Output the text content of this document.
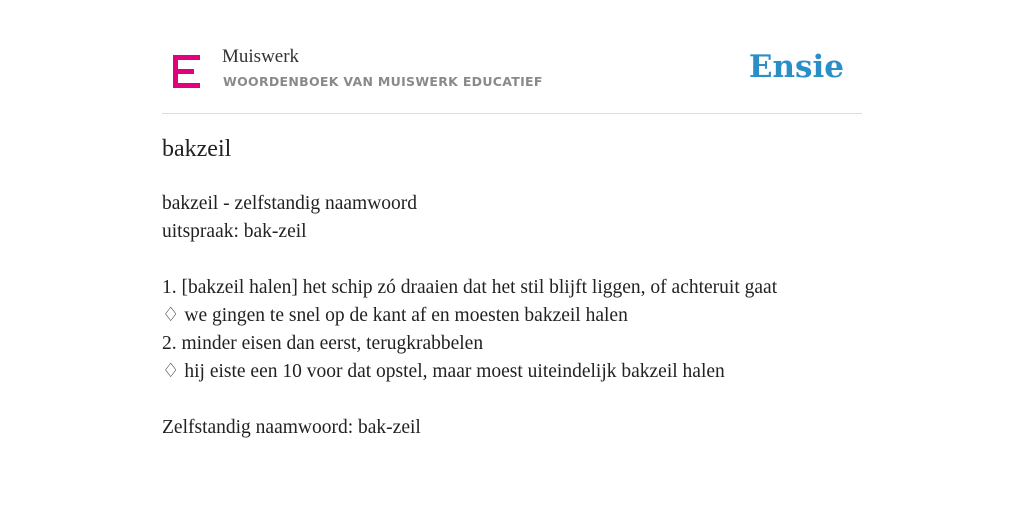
Muiswerk
WOORDENBOEK VAN MUISWERK EDUCATIEF	Ensie
bakzeil
bakzeil - zelfstandig naamwoord
uitspraak: bak-zeil
1. [bakzeil halen] het schip zó draaien dat het stil blijft liggen, of achteruit gaat
♢ we gingen te snel op de kant af en moesten bakzeil halen
2. minder eisen dan eerst, terugkrabbelen
♢ hij eiste een 10 voor dat opstel, maar moest uiteindelijk bakzeil halen
Zelfstandig naamwoord: bak-zeil
